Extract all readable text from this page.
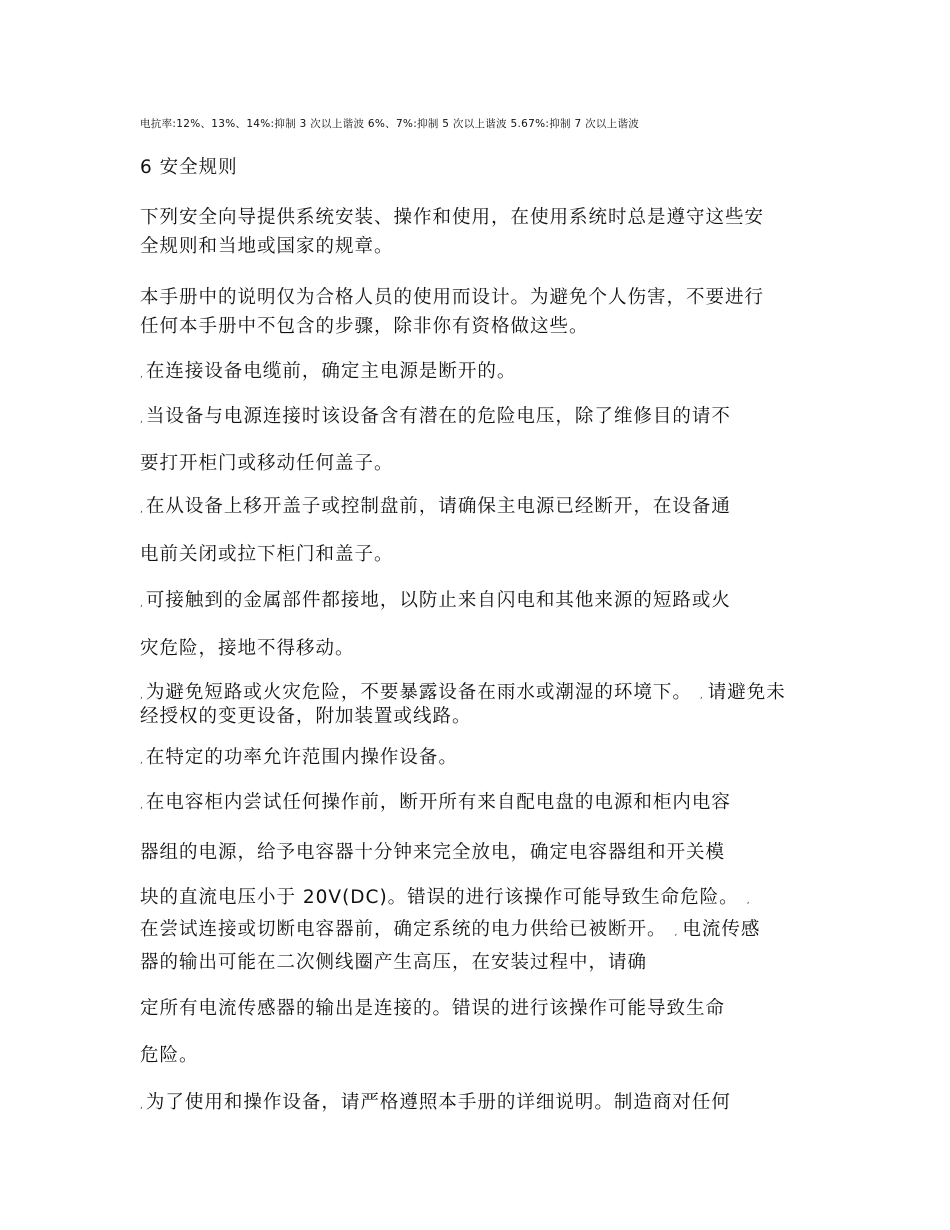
电抗率:12%、13%、14%:抑制 3 次以上谐波 6%、7%:抑制 5 次以上谐波 5.67%:抑制 7 次以上谐波
6 安全规则
下列安全向导提供系统安装、操作和使用，在使用系统时总是遵守这些安
全规则和当地或国家的规章。
本手册中的说明仅为合格人员的使用而设计。为避免个人伤害，不要进行
任何本手册中不包含的步骤，除非你有资格做这些。
, 在连接设备电缆前，确定主电源是断开的。
, 当设备与电源连接时该设备含有潜在的危险电压，除了维修目的请不
要打开柜门或移动任何盖子。
, 在从设备上移开盖子或控制盘前，请确保主电源已经断开，在设备通
电前关闭或拉下柜门和盖子。
, 可接触到的金属部件都接地，以防止来自闪电和其他来源的短路或火
灾危险，接地不得移动。
, 为避免短路或火灾危险，不要暴露设备在雨水或潮湿的环境下。 , 请避免未
经授权的变更设备，附加装置或线路。
, 在特定的功率允许范围内操作设备。
, 在电容柜内尝试任何操作前，断开所有来自配电盘的电源和柜内电容
器组的电源，给予电容器十分钟来完全放电，确定电容器组和开关模
块的直流电压小于 20V(DC)。错误的进行该操作可能导致生命危险。 ,
在尝试连接或切断电容器前，确定系统的电力供给已被断开。 , 电流传感
器的输出可能在二次侧线圈产生高压，在安装过程中，请确
定所有电流传感器的输出是连接的。错误的进行该操作可能导致生命
危险。
, 为了使用和操作设备，请严格遵照本手册的详细说明。制造商对任何
